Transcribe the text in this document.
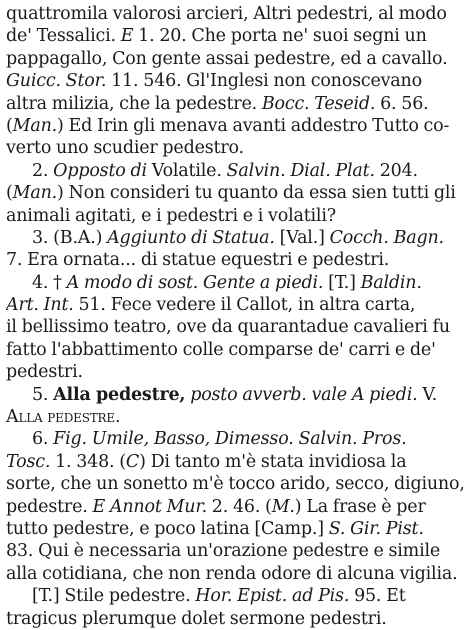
quattromila valorosi arcieri, Altri pedestri, al modo
de' Tessalici. E 1. 20. Che porta ne' suoi segni un
pappagallo, Con gente assai pedestre, ed a cavallo.
Guicc. Stor. 11. 546. Gl'Inglesi non conoscevano
altra milizia, che la pedestre. Bocc. Teseid. 6. 56.
(Man.) Ed Irin gli menava avanti addestro Tutto co-
verto uno scudier pedestro.
2. Opposto di Volatile. Salvin. Dial. Plat. 204.
(Man.) Non consideri tu quanto da essa sien tutti gli
animali agitati, e i pedestri e i volatili?
3. (B.A.) Aggiunto di Statua. [Val.] Cocch. Bagn.
7. Era ornata... di statue equestri e pedestri.
4. † A modo di sost. Gente a piedi. [T.] Baldin.
Art. Int. 51. Fece vedere il Callot, in altra carta,
il bellissimo teatro, ove da quarantadue cavalieri fu
fatto l'abbattimento colle comparse de' carri e de'
pedestri.
5. Alla pedestre, posto avverb. vale A piedi. V.
Alla pedestre.
6. Fig. Umile, Basso, Dimesso. Salvin. Pros.
Tosc. 1. 348. (C) Di tanto m'è stata invidiosa la
sorte, che un sonetto m'è tocco arido, secco, digiuno,
pedestre. E Annot Mur. 2. 46. (M.) La frase è per
tutto pedestre, e poco latina [Camp.] S. Gir. Pist.
83. Qui è necessaria un'orazione pedestre e simile
alla cotidiana, che non renda odore di alcuna vigilia.
[T.] Stile pedestre. Hor. Epist. ad Pis. 95. Et
tragicus plerumque dolet sermone pedestri.
